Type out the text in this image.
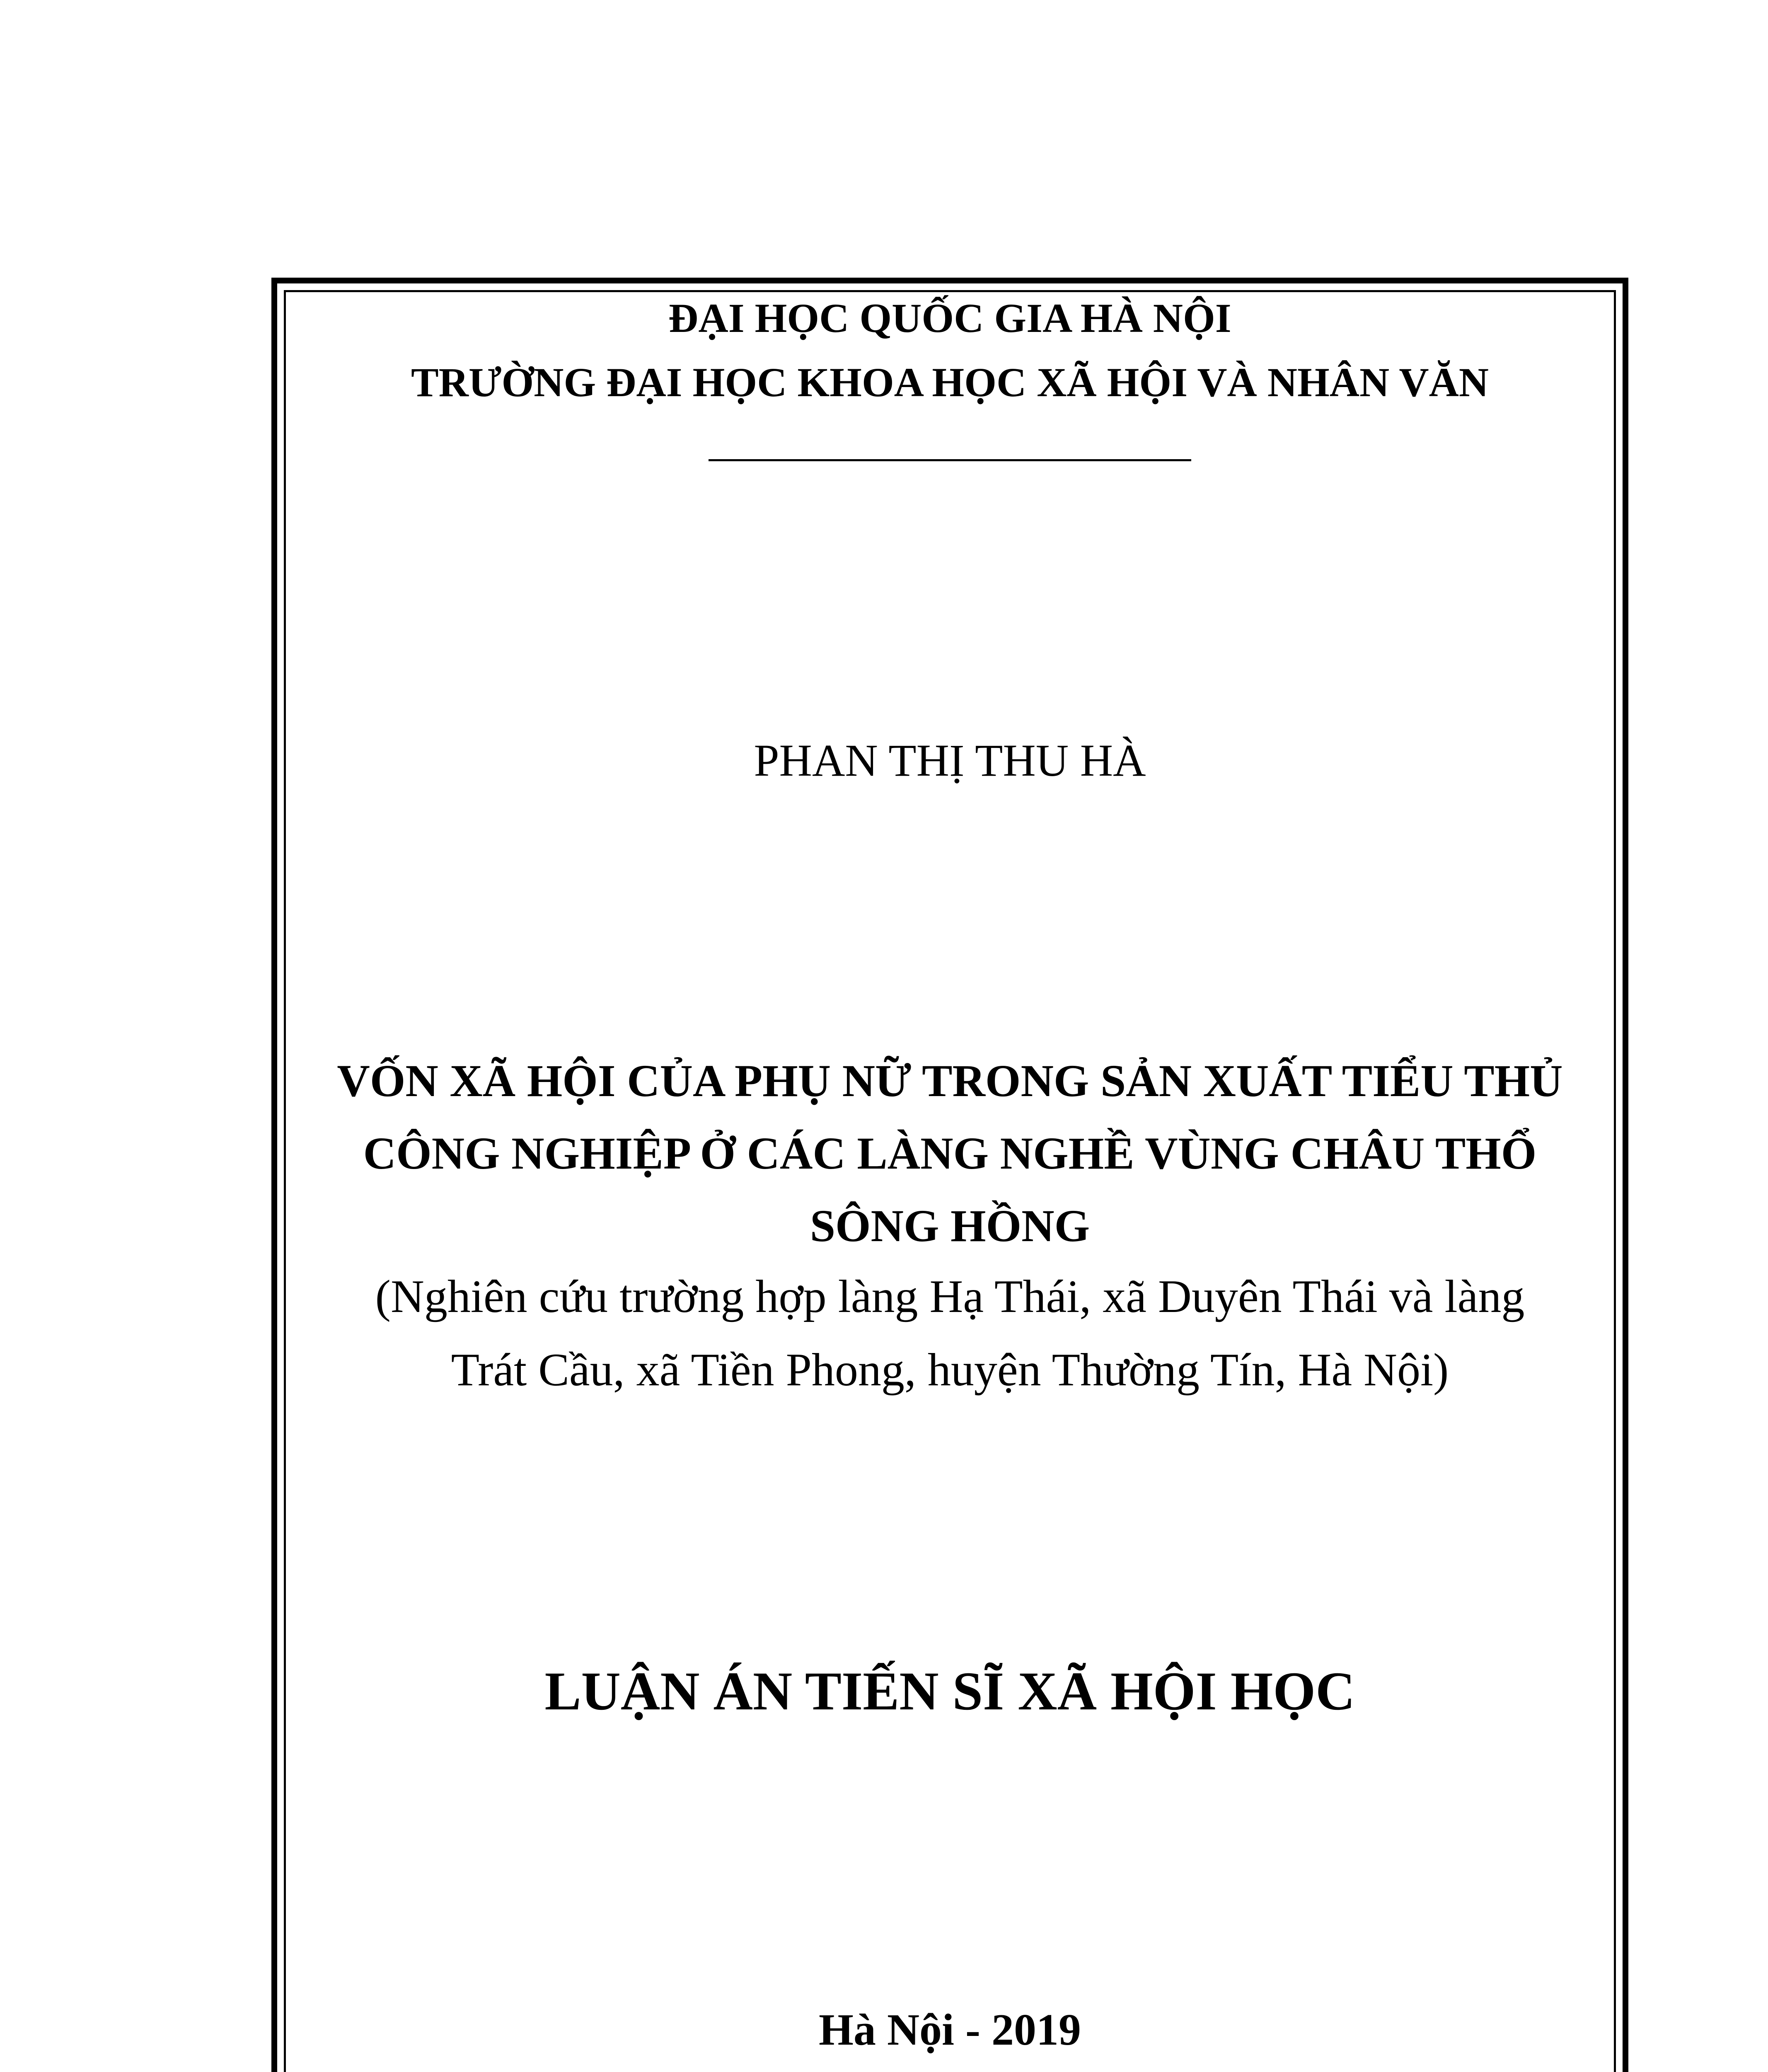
ĐẠI HỌC QUỐC GIA HÀ NỘI
TRƯỜNG ĐẠI HỌC KHOA HỌC XÃ HỘI VÀ NHÂN VĂN
PHAN THỊ THU HÀ
VỐN XÃ HỘI CỦA PHỤ NỮ TRONG SẢN XUẤT TIỂU THỦ
CÔNG NGHIỆP Ở CÁC LÀNG NGHỀ VÙNG CHÂU THỔ
SÔNG HỒNG
(Nghiên cứu trường hợp làng Hạ Thái, xã Duyên Thái và làng
Trát Cầu, xã Tiền Phong, huyện Thường Tín, Hà Nội)
LUẬN ÁN TIẾN SĨ XÃ HỘI HỌC
Hà Nội - 2019
